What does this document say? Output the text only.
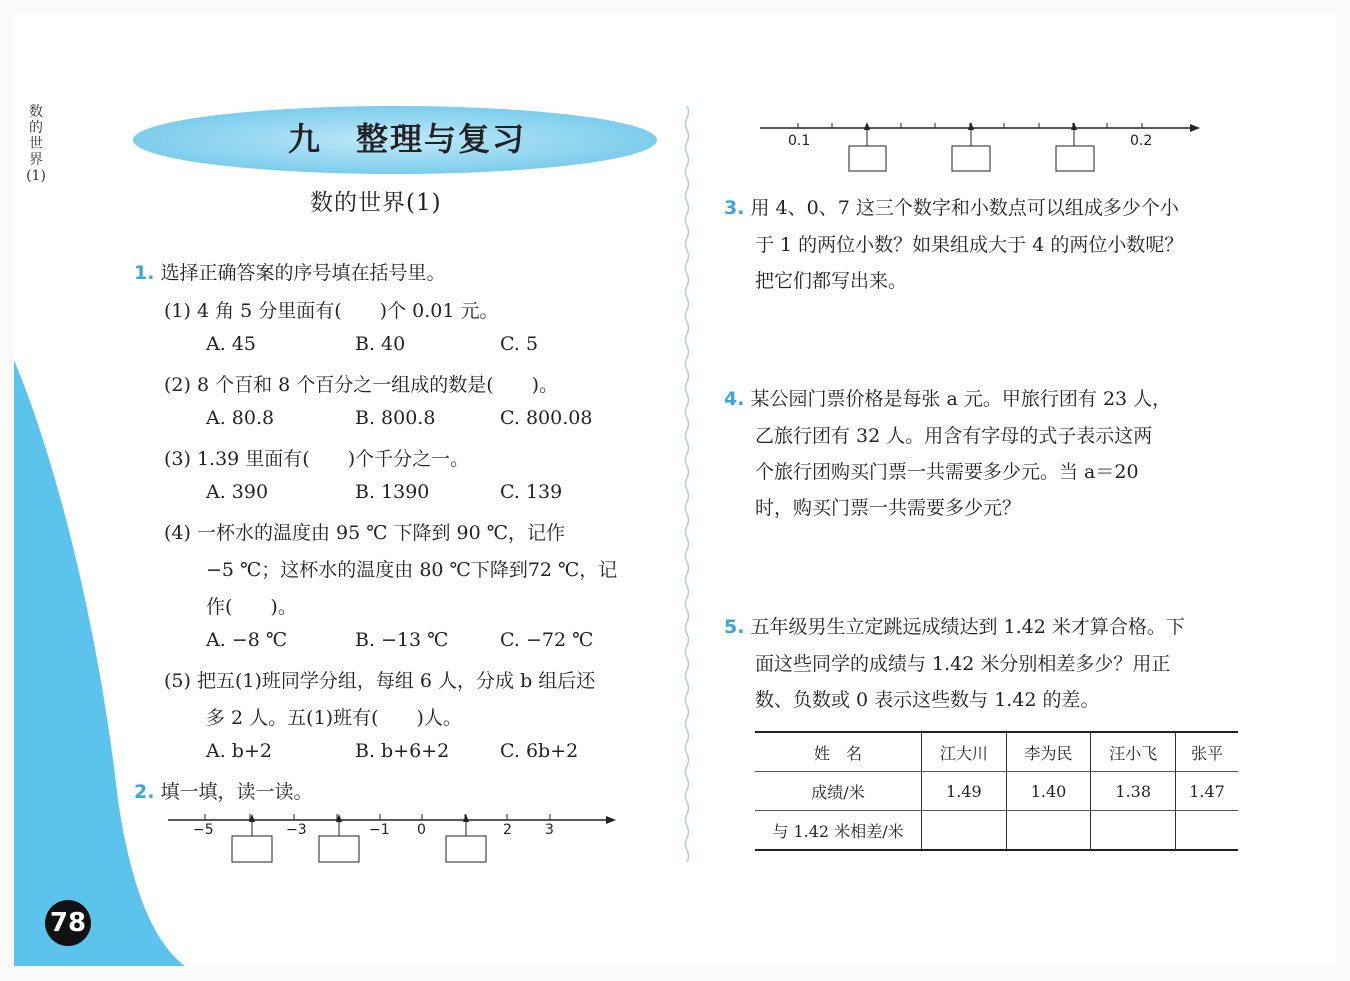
数的世界(1)
九　整理与复习
数的世界(1)
1. 选择正确答案的序号填在括号里。
(1) 4 角 5 分里面有(　　)个 0.01 元。
A. 45	B. 40	C. 5
(2) 8 个百和 8 个百分之一组成的数是(　　)。
A. 80.8	B. 800.8	C. 800.08
(3) 1.39 里面有(　　)个千分之一。
A. 390	B. 1390	C. 139
(4) 一杯水的温度由 95 ℃ 下降到 90 ℃，记作
−5 ℃；这杯水的温度由 80 ℃下降到72 ℃，记
作(　　)。
A. −8 ℃	B. −13 ℃	C. −72 ℃
(5) 把五(1)班同学分组，每组 6 人，分成 b 组后还
多 2 人。五(1)班有(　　)人。
A. b+2	B. b+6+2	C. 6b+2
2. 填一填，读一读。
−5	−3	−1 0	2 3
0.1	0.2
3. 用 4、0、7 这三个数字和小数点可以组成多少个小
于 1 的两位小数？如果组成大于 4 的两位小数呢？
把它们都写出来。
4. 某公园门票价格是每张 a 元。甲旅行团有 23 人，
乙旅行团有 32 人。用含有字母的式子表示这两
个旅行团购买门票一共需要多少元。当 a＝20
时，购买门票一共需要多少元？
5. 五年级男生立定跳远成绩达到 1.42 米才算合格。下
面这些同学的成绩与 1.42 米分别相差多少？用正
数、负数或 0 表示这些数与 1.42 的差。
姓　名	江大川	李为民	汪小飞	张平
成绩/米	1.49	1.40	1.38	1.47
与 1.42 米相差/米				
78
